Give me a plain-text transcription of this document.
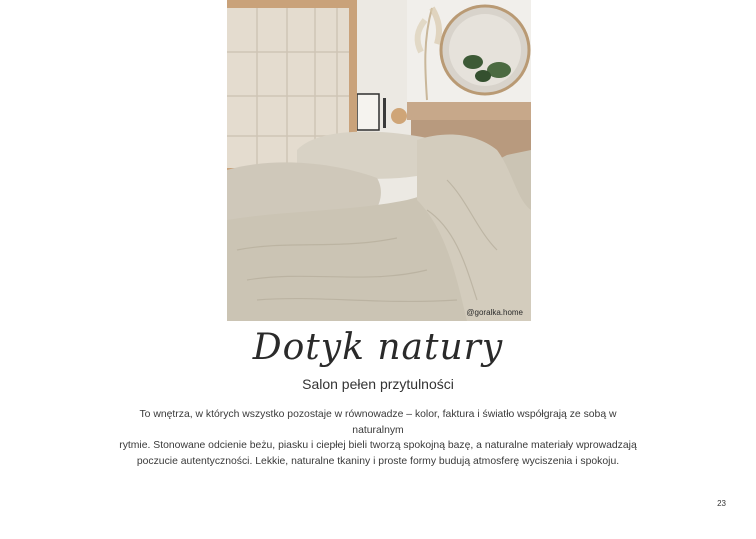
@goralka.home
Dotyk natury
Salon pełen przytulności
To wnętrza, w których wszystko pozostaje w równowadze – kolor, faktura i światło współgrają ze sobą w naturalnym
rytmie. Stonowane odcienie beżu, piasku i ciepłej bieli tworzą spokojną bazę, a naturalne materiały wprowadzają
poczucie autentyczności. Lekkie, naturalne tkaniny i proste formy budują atmosferę wyciszenia i spokoju.
23
